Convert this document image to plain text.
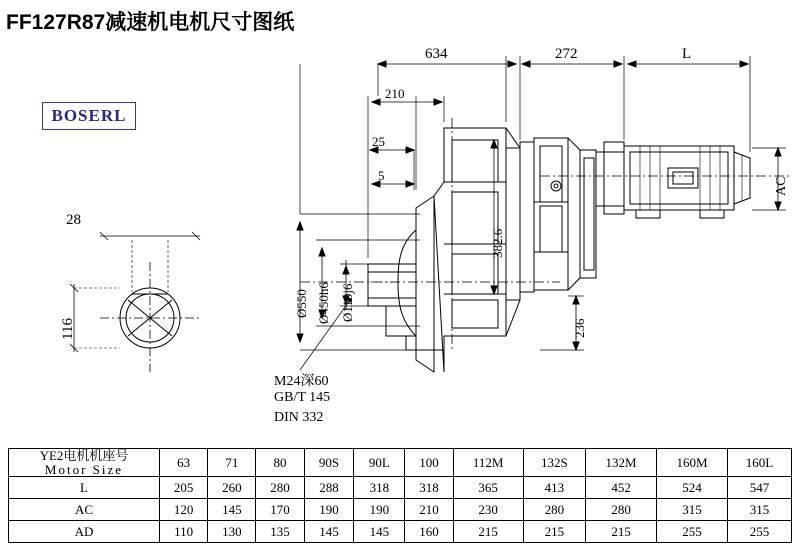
FF127R87减速机电机尺寸图纸
BOSERL
28
116
634	272	L
210
25
5
Ø550 Ø450h6 Ø110j6
382.6
236
AC
M24深60
GB/T 145
DIN 332
YE2电机机座号
Motor Size	63	71	80	90S	90L	100	112M	132S	132M	160M	160L
L	205	260	280	288	318	318	365	413	452	524	547
AC	120	145	170	190	190	210	230	280	280	315	315
AD	110	130	135	145	145	160	215	215	215	255	255
